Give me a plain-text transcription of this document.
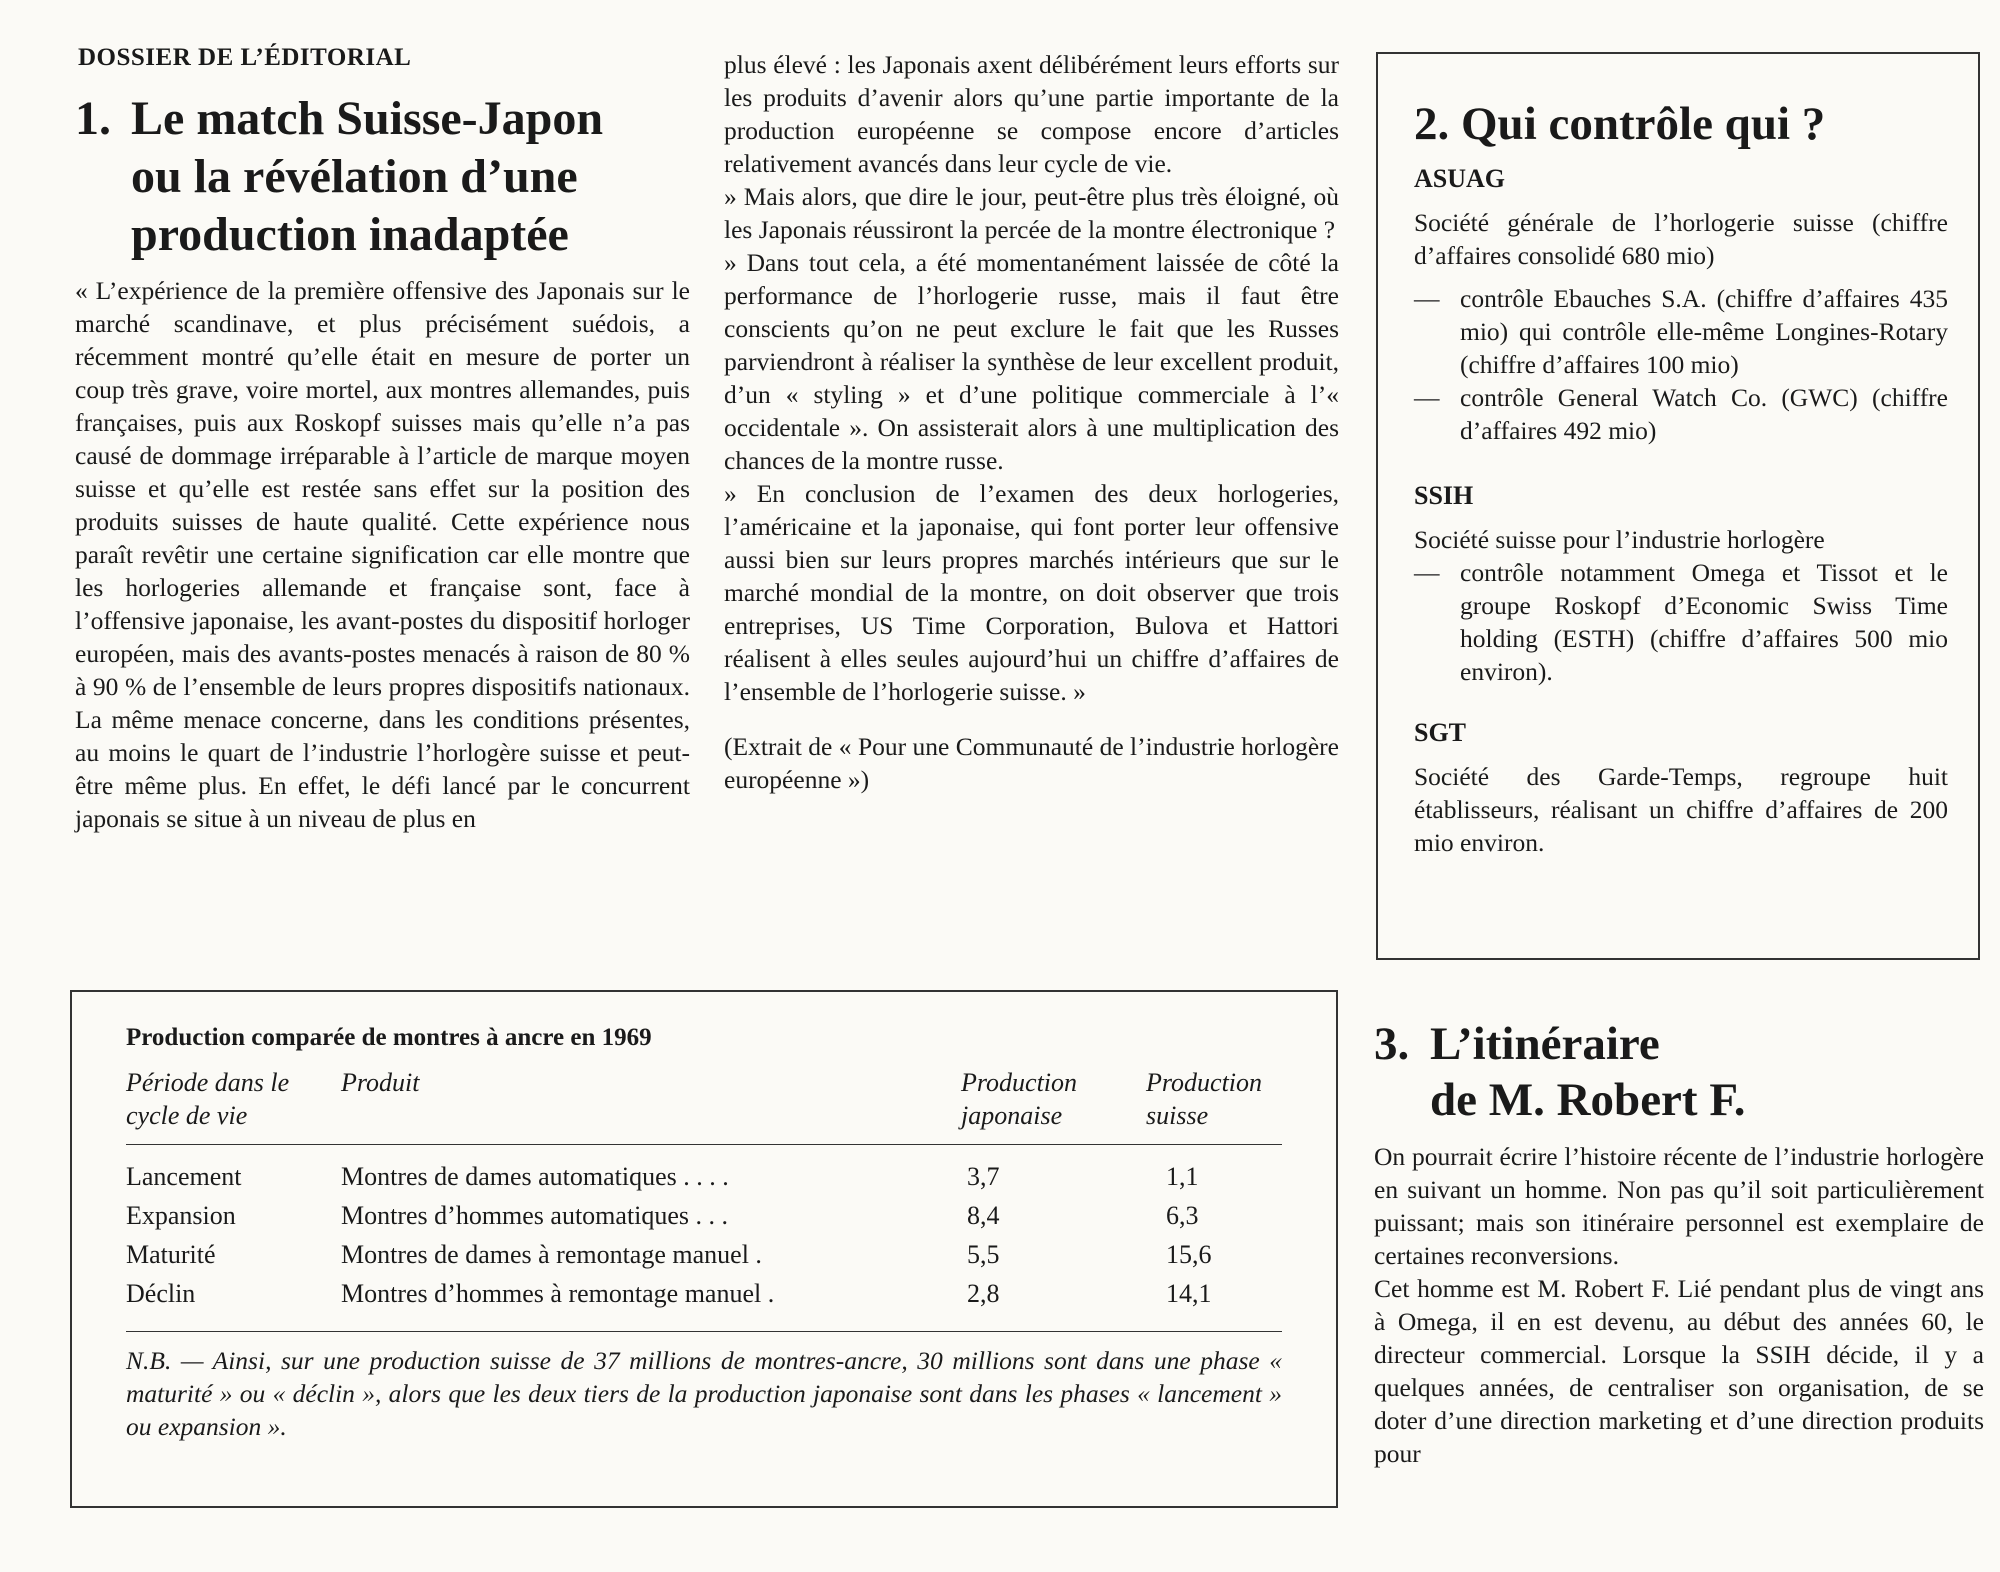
DOSSIER DE L’ÉDITORIAL
1. Le match Suisse-Japon
ou la révélation d’une
production inadaptée
« L’expérience de la première offensive des Japonais sur le marché scandinave, et plus précisément suédois, a récemment montré qu’elle était en mesure de porter un coup très grave, voire mortel, aux montres allemandes, puis françaises, puis aux Roskopf suisses mais qu’elle n’a pas causé de dommage irréparable à l’article de marque moyen suisse et qu’elle est restée sans effet sur la position des produits suisses de haute qualité. Cette expérience nous paraît revêtir une certaine signification car elle montre que les horlogeries allemande et française sont, face à l’offensive japonaise, les avant-postes du dispositif horloger européen, mais des avants-postes menacés à raison de 80 % à 90 % de l’ensemble de leurs propres dispositifs nationaux. La même menace concerne, dans les conditions présentes, au moins le quart de l’industrie l’horlogère suisse et peut-être même plus. En effet, le défi lancé par le concurrent japonais se situe à un niveau de plus en

plus élevé : les Japonais axent délibérément leurs efforts sur les produits d’avenir alors qu’une partie importante de la production européenne se compose encore d’articles relativement avancés dans leur cycle de vie.

» Mais alors, que dire le jour, peut-être plus très éloigné, où les Japonais réussiront la percée de la montre électronique ?

» Dans tout cela, a été momentanément laissée de côté la performance de l’horlogerie russe, mais il faut être conscients qu’on ne peut exclure le fait que les Russes parviendront à réaliser la synthèse de leur excellent produit, d’un « styling » et d’une politique commerciale à l’« occidentale ». On assisterait alors à une multiplication des chances de la montre russe.

» En conclusion de l’examen des deux horlogeries, l’américaine et la japonaise, qui font porter leur offensive aussi bien sur leurs propres marchés intérieurs que sur le marché mondial de la montre, on doit observer que trois entreprises, US Time Corporation, Bulova et Hattori réalisent à elles seules aujourd’hui un chiffre d’affaires de l’ensemble de l’horlogerie suisse. »

(Extrait de « Pour une Communauté de l’industrie horlogère européenne »)

2. Qui contrôle qui ?
ASUAG
Société générale de l’horlogerie suisse (chiffre d’affaires consolidé 680 mio)
— contrôle Ebauches S.A. (chiffre d’affaires 435 mio) qui contrôle elle-même Longines-Rotary (chiffre d’affaires 100 mio)
— contrôle General Watch Co. (GWC) (chiffre d’affaires 492 mio)
SSIH
Société suisse pour l’industrie horlogère
— contrôle notamment Omega et Tissot et le groupe Roskopf d’Economic Swiss Time holding (ESTH) (chiffre d’affaires 500 mio environ).
SGT
Société des Garde-Temps, regroupe huit établisseurs, réalisant un chiffre d’affaires de 200 mio environ.
Production comparée de montres à ancre en 1969
Période dans le cycle de vie	Produit	Production japonaise	Production suisse
Lancement	Montres de dames automatiques . . . .	3,7	1,1
Expansion	Montres d’hommes automatiques . . .	8,4	6,3
Maturité	Montres de dames à remontage manuel .	5,5	15,6
Déclin	Montres d’hommes à remontage manuel .	2,8	14,1
N.B. — Ainsi, sur une production suisse de 37 millions de montres-ancre, 30 millions sont dans une phase « maturité » ou « déclin », alors que les deux tiers de la production japonaise sont dans les phases « lancement » ou expansion ».
3. L’itinéraire
de M. Robert F.

On pourrait écrire l’histoire récente de l’industrie horlogère en suivant un homme. Non pas qu’il soit particulièrement puissant; mais son itinéraire personnel est exemplaire de certaines reconversions.

Cet homme est M. Robert F. Lié pendant plus de vingt ans à Omega, il en est devenu, au début des années 60, le directeur commercial. Lorsque la SSIH décide, il y a quelques années, de centraliser son organisation, de se doter d’une direction marketing et d’une direction produits pour
